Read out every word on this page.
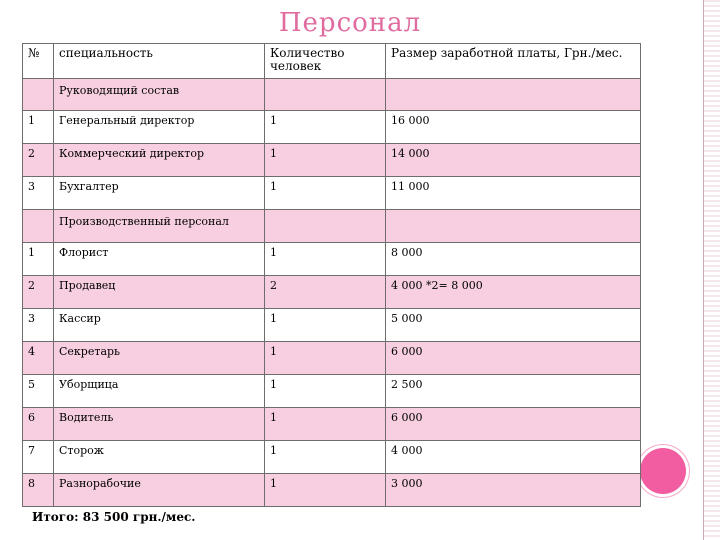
Персонал
№	специальность	Количество человек	Размер заработной платы, Грн./мес.
	Руководящий состав		
1	Генеральный директор	1	16 000
2	Коммерческий директор	1	14 000
3	Бухгалтер	1	11 000
	Производственный персонал		
1	Флорист	1	8 000
2	Продавец	2	4 000 *2= 8 000
3	Кассир	1	5 000
4	Секретарь	1	6 000
5	Уборщица	1	2 500
6	Водитель	1	6 000
7	Сторож	1	4 000
8	Разнорабочие	1	3 000
Итого: 83 500 грн./мес.
